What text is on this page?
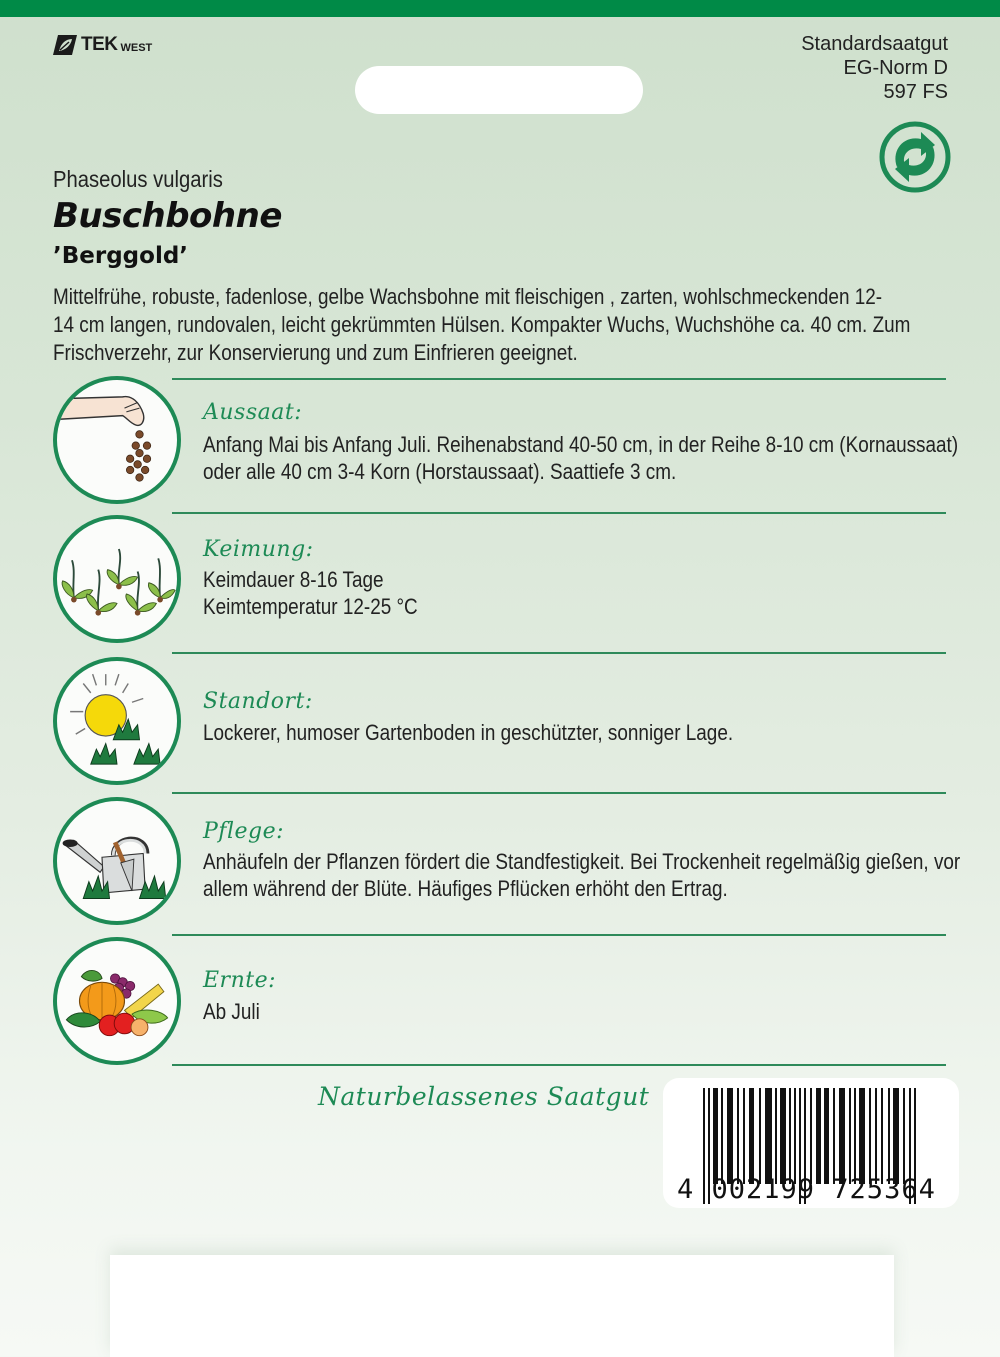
TEK WEST	Standardsaatgut
EG-Norm D
597 FS
Phaseolus vulgaris
Buschbohne
’Berggold’
Mittelfrühe, robuste, fadenlose, gelbe Wachsbohne mit fleischigen , zarten, wohlschmeckenden 12-
14 cm langen, rundovalen, leicht gekrümmten Hülsen. Kompakter Wuchs, Wuchshöhe ca. 40 cm. Zum
Frischverzehr, zur Konservierung und zum Einfrieren geeignet.
Aussaat:
Anfang Mai bis Anfang Juli. Reihenabstand 40-50 cm, in der Reihe 8-10 cm (Kornaussaat)
oder alle 40 cm 3-4 Korn (Horstaussaat). Saattiefe 3 cm.
Keimung:
Keimdauer 8-16 Tage
Keimtemperatur 12-25 °C
Standort:
Lockerer, humoser Gartenboden in geschützter, sonniger Lage.
Pflege:
Anhäufeln der Pflanzen fördert die Standfestigkeit. Bei Trockenheit regelmäßig gießen, vor
allem während der Blüte. Häufiges Pflücken erhöht den Ertrag.
Ernte:
Ab Juli
Naturbelassenes Saatgut
4 002199 725364
